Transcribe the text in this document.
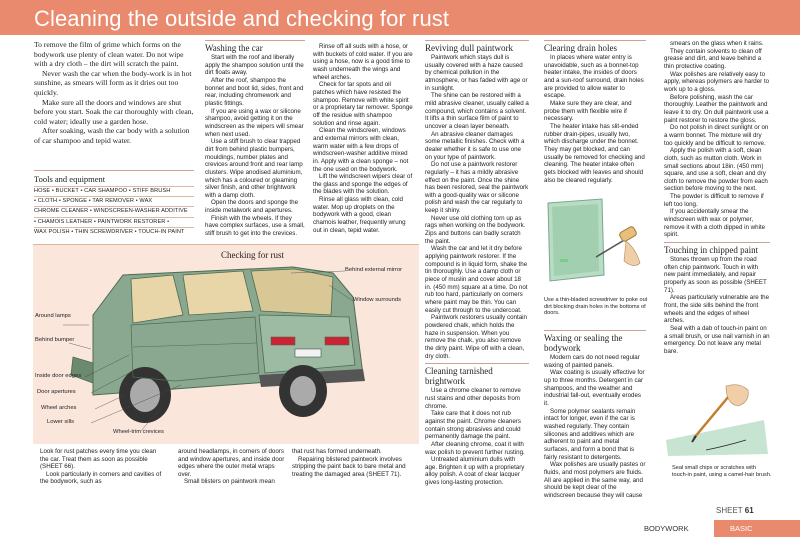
Cleaning the outside and checking for rust

To remove the film of grime which forms on the bodywork use plenty of clean water. Do not wipe with a dry cloth – the dirt will scratch the paint.

Never wash the car when the body-work is in hot sunshine, as smears will form as it dries out too quickly.

Make sure all the doors and windows are shut before you start. Soak the car thoroughly with clean, cold water; ideally use a garden hose.

After soaking, wash the car body with a solution of car shampoo and tepid water.

Tools and equipment
HOSE • BUCKET • CAR SHAMPOO • STIFF BRUSH
• CLOTH • SPONGE • TAR REMOVER • WAX
CHROME CLEANER • WINDSCREEN-WASHER ADDITIVE
• CHAMOIS LEATHER • PAINTWORK RESTORER •
WAX POLISH • THIN SCREWDRIVER • TOUCH-IN PAINT
Washing the car

Start with the roof and liberally apply the shampoo solution until the dirt floats away.

After the roof, shampoo the bonnet and boot lid, sides, front and rear, including chromework and plastic fittings.

If you are using a wax or silicone shampoo, avoid getting it on the windscreen as the wipers will smear when next used.

Use a stiff brush to clear trapped dirt from behind plastic bumpers, mouldings, number plates and crevices around front and rear lamp clusters. Wipe anodised aluminium, which has a coloured or gleaming silver finish, and other brightwork with a damp cloth.

Open the doors and sponge the inside metalwork and apertures.

Finish with the wheels. If they have complex surfaces, use a small, stiff brush to get into the crevices.

Rinse off all suds with a hose, or with buckets of cold water. If you are using a hose, now is a good time to wash underneath the wings and wheel arches.

Check for tar spots and oil patches which have resisted the shampoo. Remove with white spirit or a proprietary tar remover. Sponge off the residue with shampoo solution and rinse again.

Clean the windscreen, windows and external mirrors with clean, warm water with a few drops of windscreen-washer additive mixed in. Apply with a clean sponge – not the one used on the bodywork.

Lift the windscreen wipers clear of the glass and sponge the edges of the blades with the solution.

Rinse all glass with clean, cold water. Mop up droplets on the bodywork with a good, clean chamois leather, frequently wrung out in clean, tepid water.

Reviving dull paintwork

Paintwork which stays dull is usually covered with a haze caused by chemical pollution in the atmosphere, or has faded with age or in sunlight.

The shine can be restored with a mild abrasive cleaner, usually called a compound, which contains a solvent. It lifts a thin surface film of paint to uncover a clean layer beneath.

An abrasive cleaner damages some metallic finishes. Check with a dealer whether it is safe to use one on your type of paintwork.

Do not use a paintwork restorer regularly – it has a mildly abrasive effect on the paint. Once the shine has been restored, seal the paintwork with a good-quality wax or silicone polish and wash the car regularly to keep it shiny.

Never use old clothing torn up as rags when working on the bodywork. Zips and buttons can badly scratch the paint.

Wash the car and let it dry before applying paintwork restorer. If the compound is in liquid form, shake the tin thoroughly. Use a damp cloth or piece of muslin and cover about 18 in. (450 mm) square at a time. Do not rub too hard, particularly on corners where paint may be thin. You can easily cut through to the undercoat.

Paintwork restorers usually contain powdered chalk, which holds the haze in suspension. When you remove the chalk, you also remove the dirty paint. Wipe off with a clean, dry cloth.

Cleaning tarnished brightwork

Use a chrome cleaner to remove rust stains and other deposits from chrome.

Take care that it does not rub against the paint. Chrome cleaners contain strong abrasives and could permanently damage the paint.

After cleaning chrome, coat it with wax polish to prevent further rusting.

Untreated aluminium dulls with age. Brighten it up with a proprietary alloy polish. A coat of clear lacquer gives long-lasting protection.

Clearing drain holes

In places where water entry is unavoidable, such as a bonnet-top heater intake, the insides of doors and a sun-roof surround, drain holes are provided to allow water to escape.

Make sure they are clear, and probe them with flexible wire if necessary.

The heater intake has slit-ended rubber drain-pipes, usually two, which discharge under the bonnet. They may get blocked, and can usually be removed for checking and cleaning. The heater intake often gets blocked with leaves and should also be cleared regularly.

Use a thin-bladed screwdriver to poke out dirt blocking drain holes in the bottoms of doors.
Waxing or sealing the bodywork

Modern cars do not need regular waxing of painted panels.

Wax coating is usually effective for up to three months. Detergent in car shampoos, and the weather and industrial fall-out, eventually erodes it.

Some polymer sealants remain intact for longer, even if the car is washed regularly. They contain silicones and additives which are adherent to paint and metal surfaces, and form a bond that is fairly resistant to detergents.

Wax polishes are usually pastes or fluids, and most polymers are fluids. All are applied in the same way, and should be kept clear of the windscreen because they will cause

smears on the glass when it rains.

They contain solvents to clean off grease and dirt, and leave behind a thin protective coating.

Wax polishes are relatively easy to apply, whereas polymers are harder to work up to a gloss.

Before polishing, wash the car thoroughly. Leather the paintwork and leave it to dry. On dull paintwork use a paint restorer to restore the gloss.

Do not polish in direct sunlight or on a warm bonnet. The mixture will dry too quickly and be difficult to remove.

Apply the polish with a soft, clean cloth, such as mutton cloth. Work in small sections about 18in. (450 mm) square, and use a soft, clean and dry cloth to remove the powder from each section before moving to the next.

The powder is difficult to remove if left too long.

If you accidentally smear the windscreen with wax or polymer, remove it with a cloth dipped in white spirit.

Touching in chipped paint

Stones thrown up from the road often chip paintwork. Touch in with new paint immediately, and repair properly as soon as possible (SHEET 71).

Areas particularly vulnerable are the front, the side sills behind the front wheels and the edges of wheel arches.

Seal with a dab of touch-in paint on a small brush, or use nail varnish in an emergency. Do not leave any metal bare.

Seal small chips or scratches with touch-in paint, using a camel-hair brush.
Checking for rust
Behind external mirror
Window surrounds
Around lamps
Behind bumper
Inside door edges
Door apertures
Wheel arches
Lower sills
Wheel-trim crevices

Look for rust patches every time you clean the car. Treat them as soon as possible (SHEET 66).

Look particularly in corners and cavities of the bodywork, such as

around headlamps, in corners of doors and window apertures, and inside door edges where the outer metal wraps over.

Small blisters on paintwork mean

that rust has formed underneath.

Repairing blistered paintwork involves stripping the paint back to bare metal and treating the damaged area (SHEET 71).

SHEET 61
BODYWORK	BASIC
